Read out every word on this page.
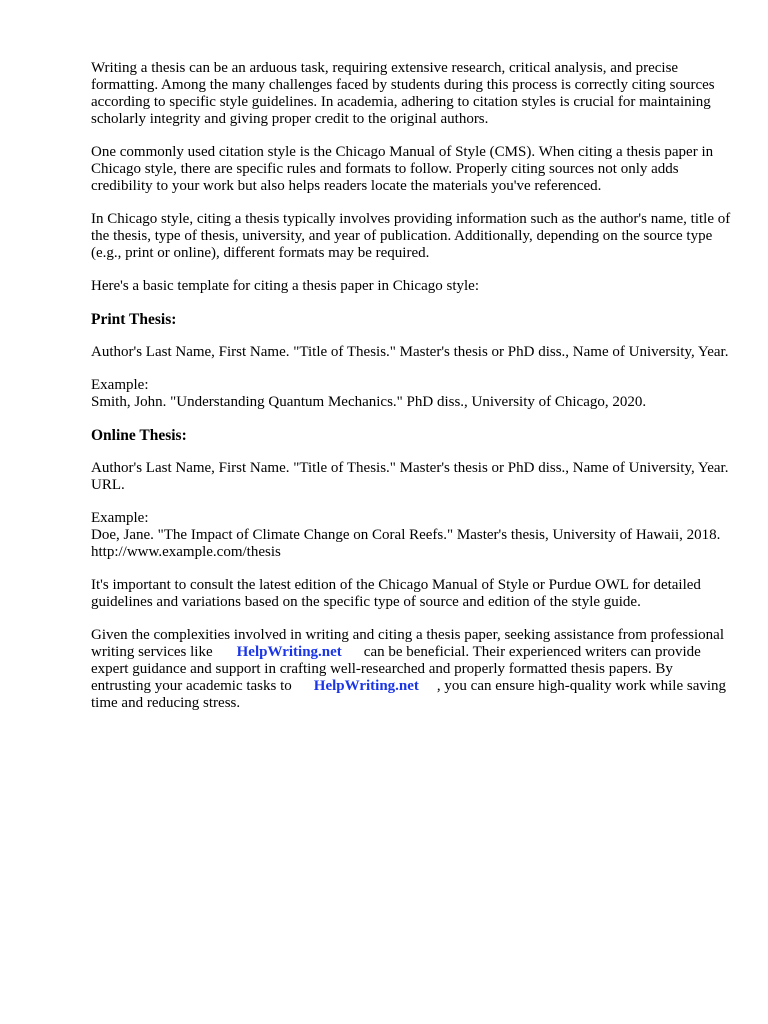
Writing a thesis can be an arduous task, requiring extensive research, critical analysis, and precise formatting. Among the many challenges faced by students during this process is correctly citing sources according to specific style guidelines. In academia, adhering to citation styles is crucial for maintaining scholarly integrity and giving proper credit to the original authors.

One commonly used citation style is the Chicago Manual of Style (CMS). When citing a thesis paper in Chicago style, there are specific rules and formats to follow. Properly citing sources not only adds credibility to your work but also helps readers locate the materials you've referenced.

In Chicago style, citing a thesis typically involves providing information such as the author's name, title of the thesis, type of thesis, university, and year of publication. Additionally, depending on the source type (e.g., print or online), different formats may be required.

Here's a basic template for citing a thesis paper in Chicago style:

Print Thesis:

Author's Last Name, First Name. "Title of Thesis." Master's thesis or PhD diss., Name of University, Year.

Example:
Smith, John. "Understanding Quantum Mechanics." PhD diss., University of Chicago, 2020.
Online Thesis:

Author's Last Name, First Name. "Title of Thesis." Master's thesis or PhD diss., Name of University, Year. URL.

Example:
Doe, Jane. "The Impact of Climate Change on Coral Reefs." Master's thesis, University of Hawaii, 2018. http://www.example.com/thesis

It's important to consult the latest edition of the Chicago Manual of Style or Purdue OWL for detailed guidelines and variations based on the specific type of source and edition of the style guide.

Given the complexities involved in writing and citing a thesis paper, seeking assistance from professional writing services like HelpWriting.net can be beneficial. Their experienced writers can provide expert guidance and support in crafting well-researched and properly formatted thesis papers. By entrusting your academic tasks to HelpWriting.net , you can ensure high-quality work while saving time and reducing stress.
